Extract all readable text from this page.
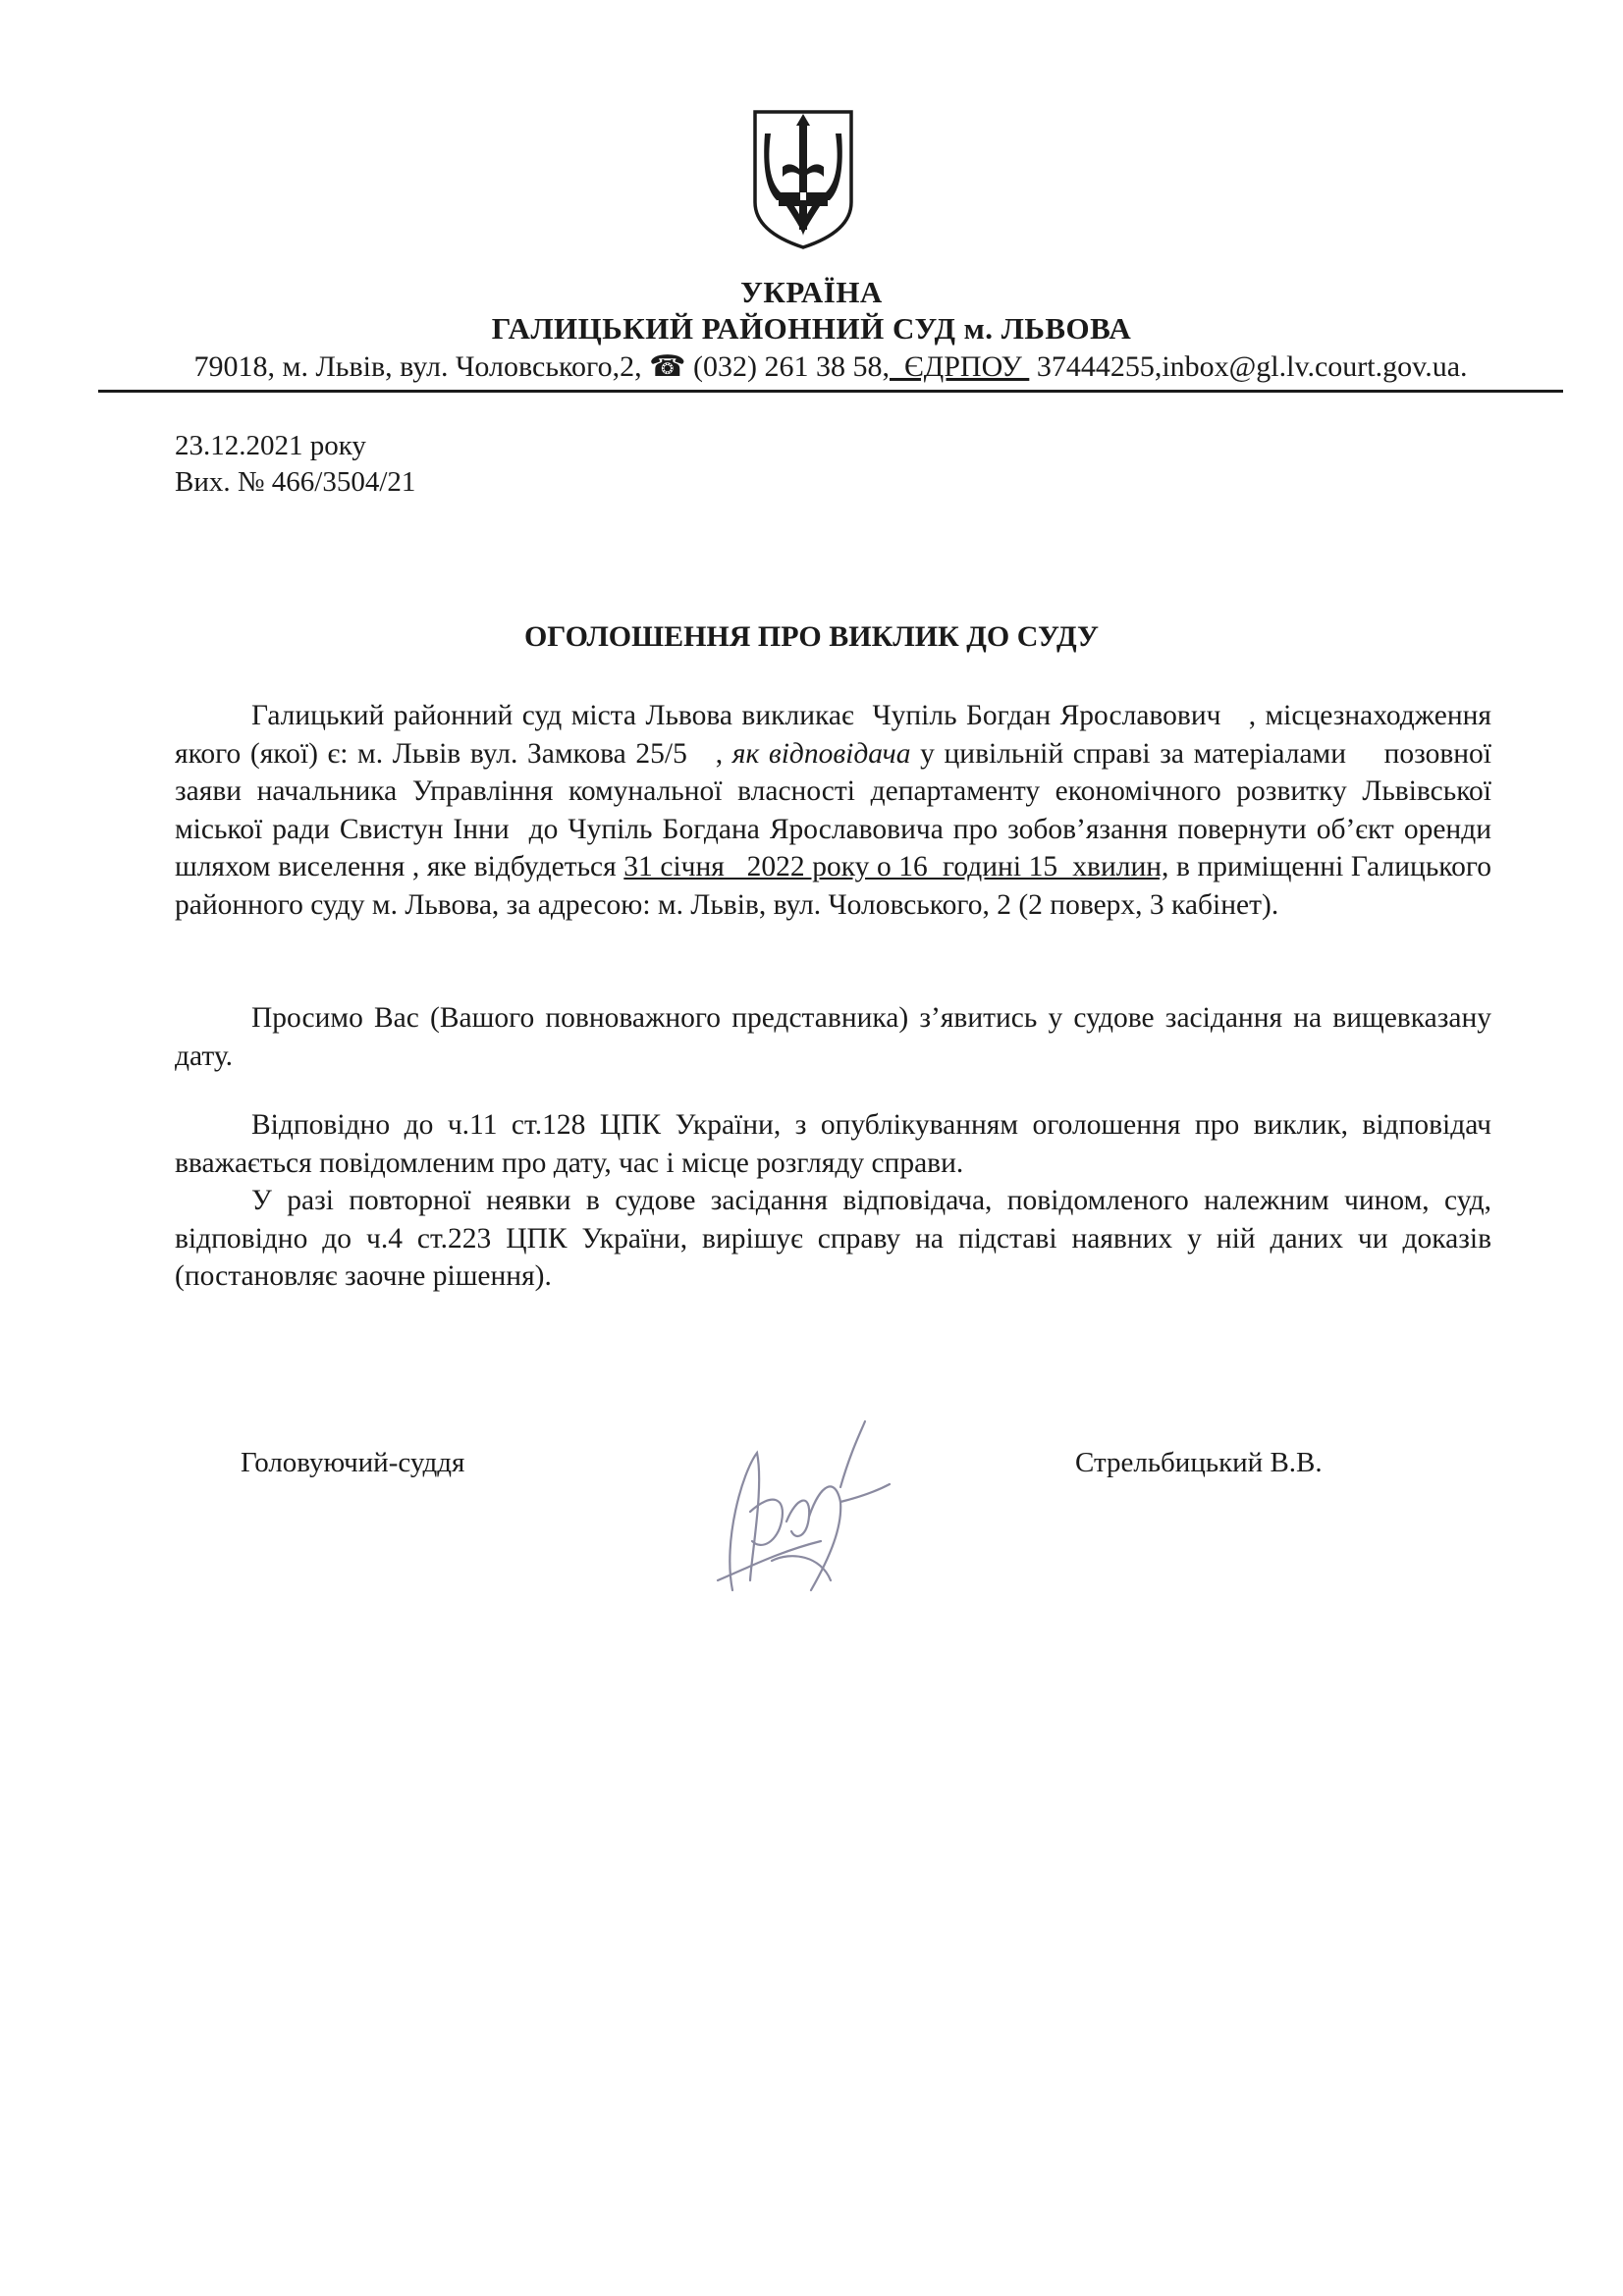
УКРАЇНА
ГАЛИЦЬКИЙ РАЙОННИЙ СУД м. ЛЬВОВА
79018, м. Львів, вул. Чоловського,2, ☎ (032) 261 38 58,  ЄДРПОУ  37444255,inbox@gl.lv.court.gov.ua.
23.12.2021 року
Вих. № 466/3504/21
ОГОЛОШЕННЯ ПРО ВИКЛИК ДО СУДУ

Галицький районний суд міста Львова викликає  Чупіль Богдан Ярославович   , місцезнаходження якого (якої) є: м. Львів вул. Замкова 25/5   , як відповідача у цивільній справі за матеріалами    позовної заяви начальника Управління комунальної власності департаменту економічного розвитку Львівської міської ради Свистун Інни  до Чупіль Богдана Ярославовича про зобов’язання повернути об’єкт оренди шляхом виселення , яке відбудеться 31 січня   2022 року о 16  годині 15  хвилин, в приміщенні Галицького районного суду м. Львова, за адресою: м. Львів, вул. Чоловського, 2 (2 поверх, 3 кабінет).

Просимо Вас (Вашого повноважного представника) з’явитись у судове засідання на вищевказану дату.

Відповідно до ч.11 ст.128 ЦПК України, з опублікуванням оголошення про виклик, відповідач вважається повідомленим про дату, час і місце розгляду справи.

У разі повторної неявки в судове засідання відповідача, повідомленого належним чином, суд, відповідно до ч.4 ст.223 ЦПК України, вирішує справу на підставі наявних у ній даних чи доказів (постановляє заочне рішення).

Головуючий-суддя	Стрельбицький В.В.
